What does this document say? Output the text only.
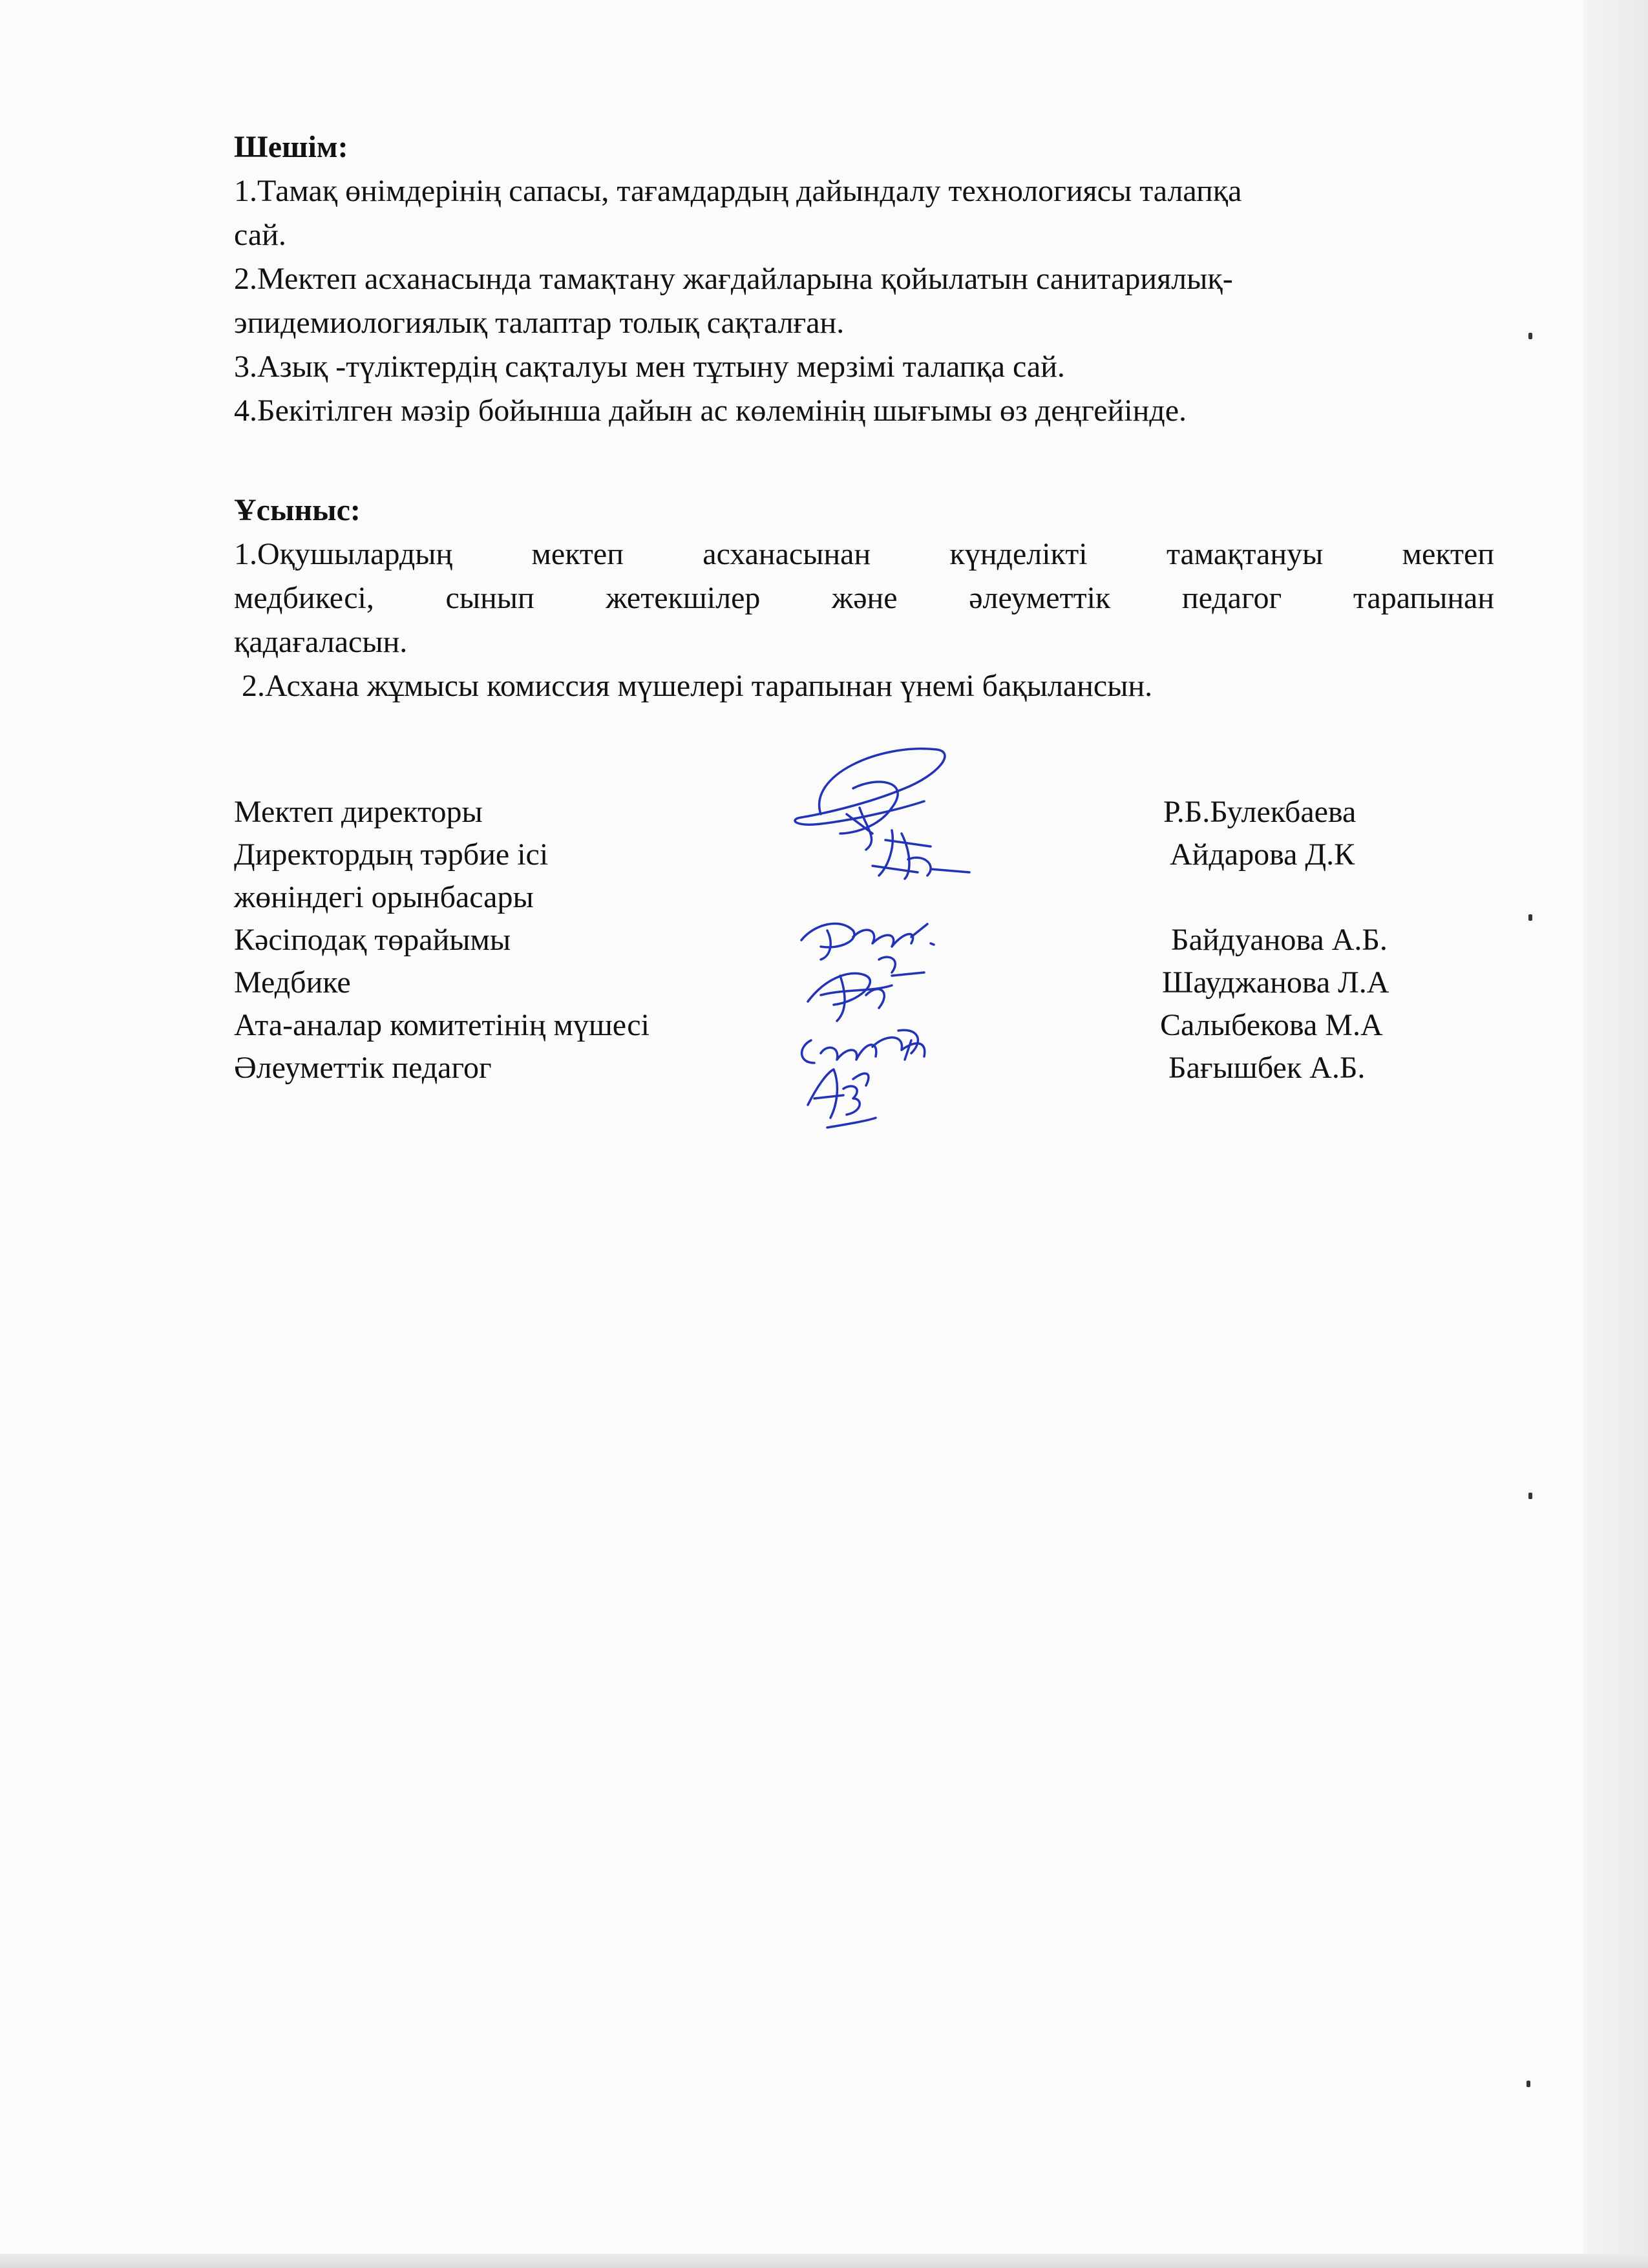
Шешім:
1.Тамақ өнімдерінің сапасы, тағамдардың дайындалу технологиясы талапқа
сай.
2.Мектеп асханасында тамақтану жағдайларына қойылатын санитариялық-
эпидемиологиялық талаптар толық сақталған.
3.Азық -түліктердің сақталуы мен тұтыну мерзімі талапқа сай.
4.Бекітілген мәзір бойынша дайын ас көлемінің шығымы өз деңгейінде.
Ұсыныс:
1.Оқушылардың мектеп асханасынан күнделікті тамақтануы мектеп
медбикесі, сынып жетекшілер және әлеуметтік педагог тарапынан
қадағаласын.
2.Асхана жұмысы комиссия мүшелері тарапынан үнемі бақылансын.
Мектеп директоры	Р.Б.Булекбаева
Директордың тәрбие ісі	Айдарова Д.К
жөніндегі орынбасары
Кәсіподақ төрайымы	Байдуанова А.Б.
Медбике	Шауджанова Л.А
Ата-аналар комитетінің мүшесі	Салыбекова М.А
Әлеуметтік педагог	Бағышбек А.Б.
